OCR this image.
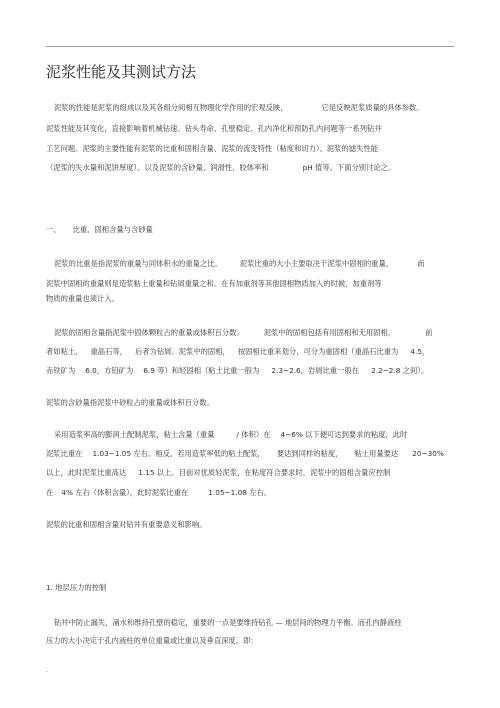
·
泥浆性能及其测试方法
泥浆的性能是泥浆的组成以及其各组分间相互物理化学作用的宏观反映，	它是反映泥浆质量的具体参数。
泥浆性能及其变化，直接影响着机械钻速、钻头寿命、孔壁稳定、孔内净化和预防孔内问题等一系列钻井
工艺问题。泥浆的主要性能有泥浆的比重和固相含量、泥浆的流变特性（粘度和切力）、泥浆的滤失性能
（泥浆的失水量和泥饼厚度）、以及泥浆的含砂量、润滑性、胶体率和	pH 值等。下面分别讨论之。
一、 比重、固相含量与含砂量
泥浆的比重是指泥浆的重量与同体积水的重量之比。 泥浆比重的大小主要取决于泥浆中固相的重量，	而
泥浆中固相的重量则是造浆粘土重量和钻屑重量之和。在有加重剂等其他固相物质加入的时候，加重剂等
物质的重量也须计入。
泥浆的固相含量指泥浆中固体颗粒占的重量或体积百分数。	泥浆中的固相包括有用固相和无用固相，	前
者如粘土、 重晶石等， 后者为钻屑。泥浆中的固相， 按固相比重来划分，可分为重固相（重晶石比重为 4.5，
赤铁矿为 6.0，方铅矿为 6.9 等）和轻固相（粘土比重一般为 2.3~2.6，岩屑比重一般在 2.2~2.8 之间）。
泥浆的含砂量指泥浆中砂粒占的重量或体积百分数。
采用造浆率高的膨润土配制泥浆，粘土含量（重量	/ 体积）在 4~6% 以下便可达到要求的粘度，此时
泥浆比重在 1.03~1.05 左右。相反，若用造浆率低的粘土配浆， 要达到同样的粘度， 粘土用量要达 20~30%
以上，此时泥浆比重高达 1.15 以上。目前对优质轻泥浆，在粘度符合要求时，泥浆中的固相含量应控制
在 4% 左右（体积含量），此时泥浆比重在	1.05~1.08 左右。
泥浆的比重和固相含量对钻井有重要意义和影响。
1. 地层压力的控制
钻井中防止漏失，涌水和维持孔壁的稳定，重要的一点是要维持钻孔 — 地层间的物理力平衡。而孔内静液柱
压力的大小决定于孔内液柱的单位重量或比重以及垂直深度，即：
.
